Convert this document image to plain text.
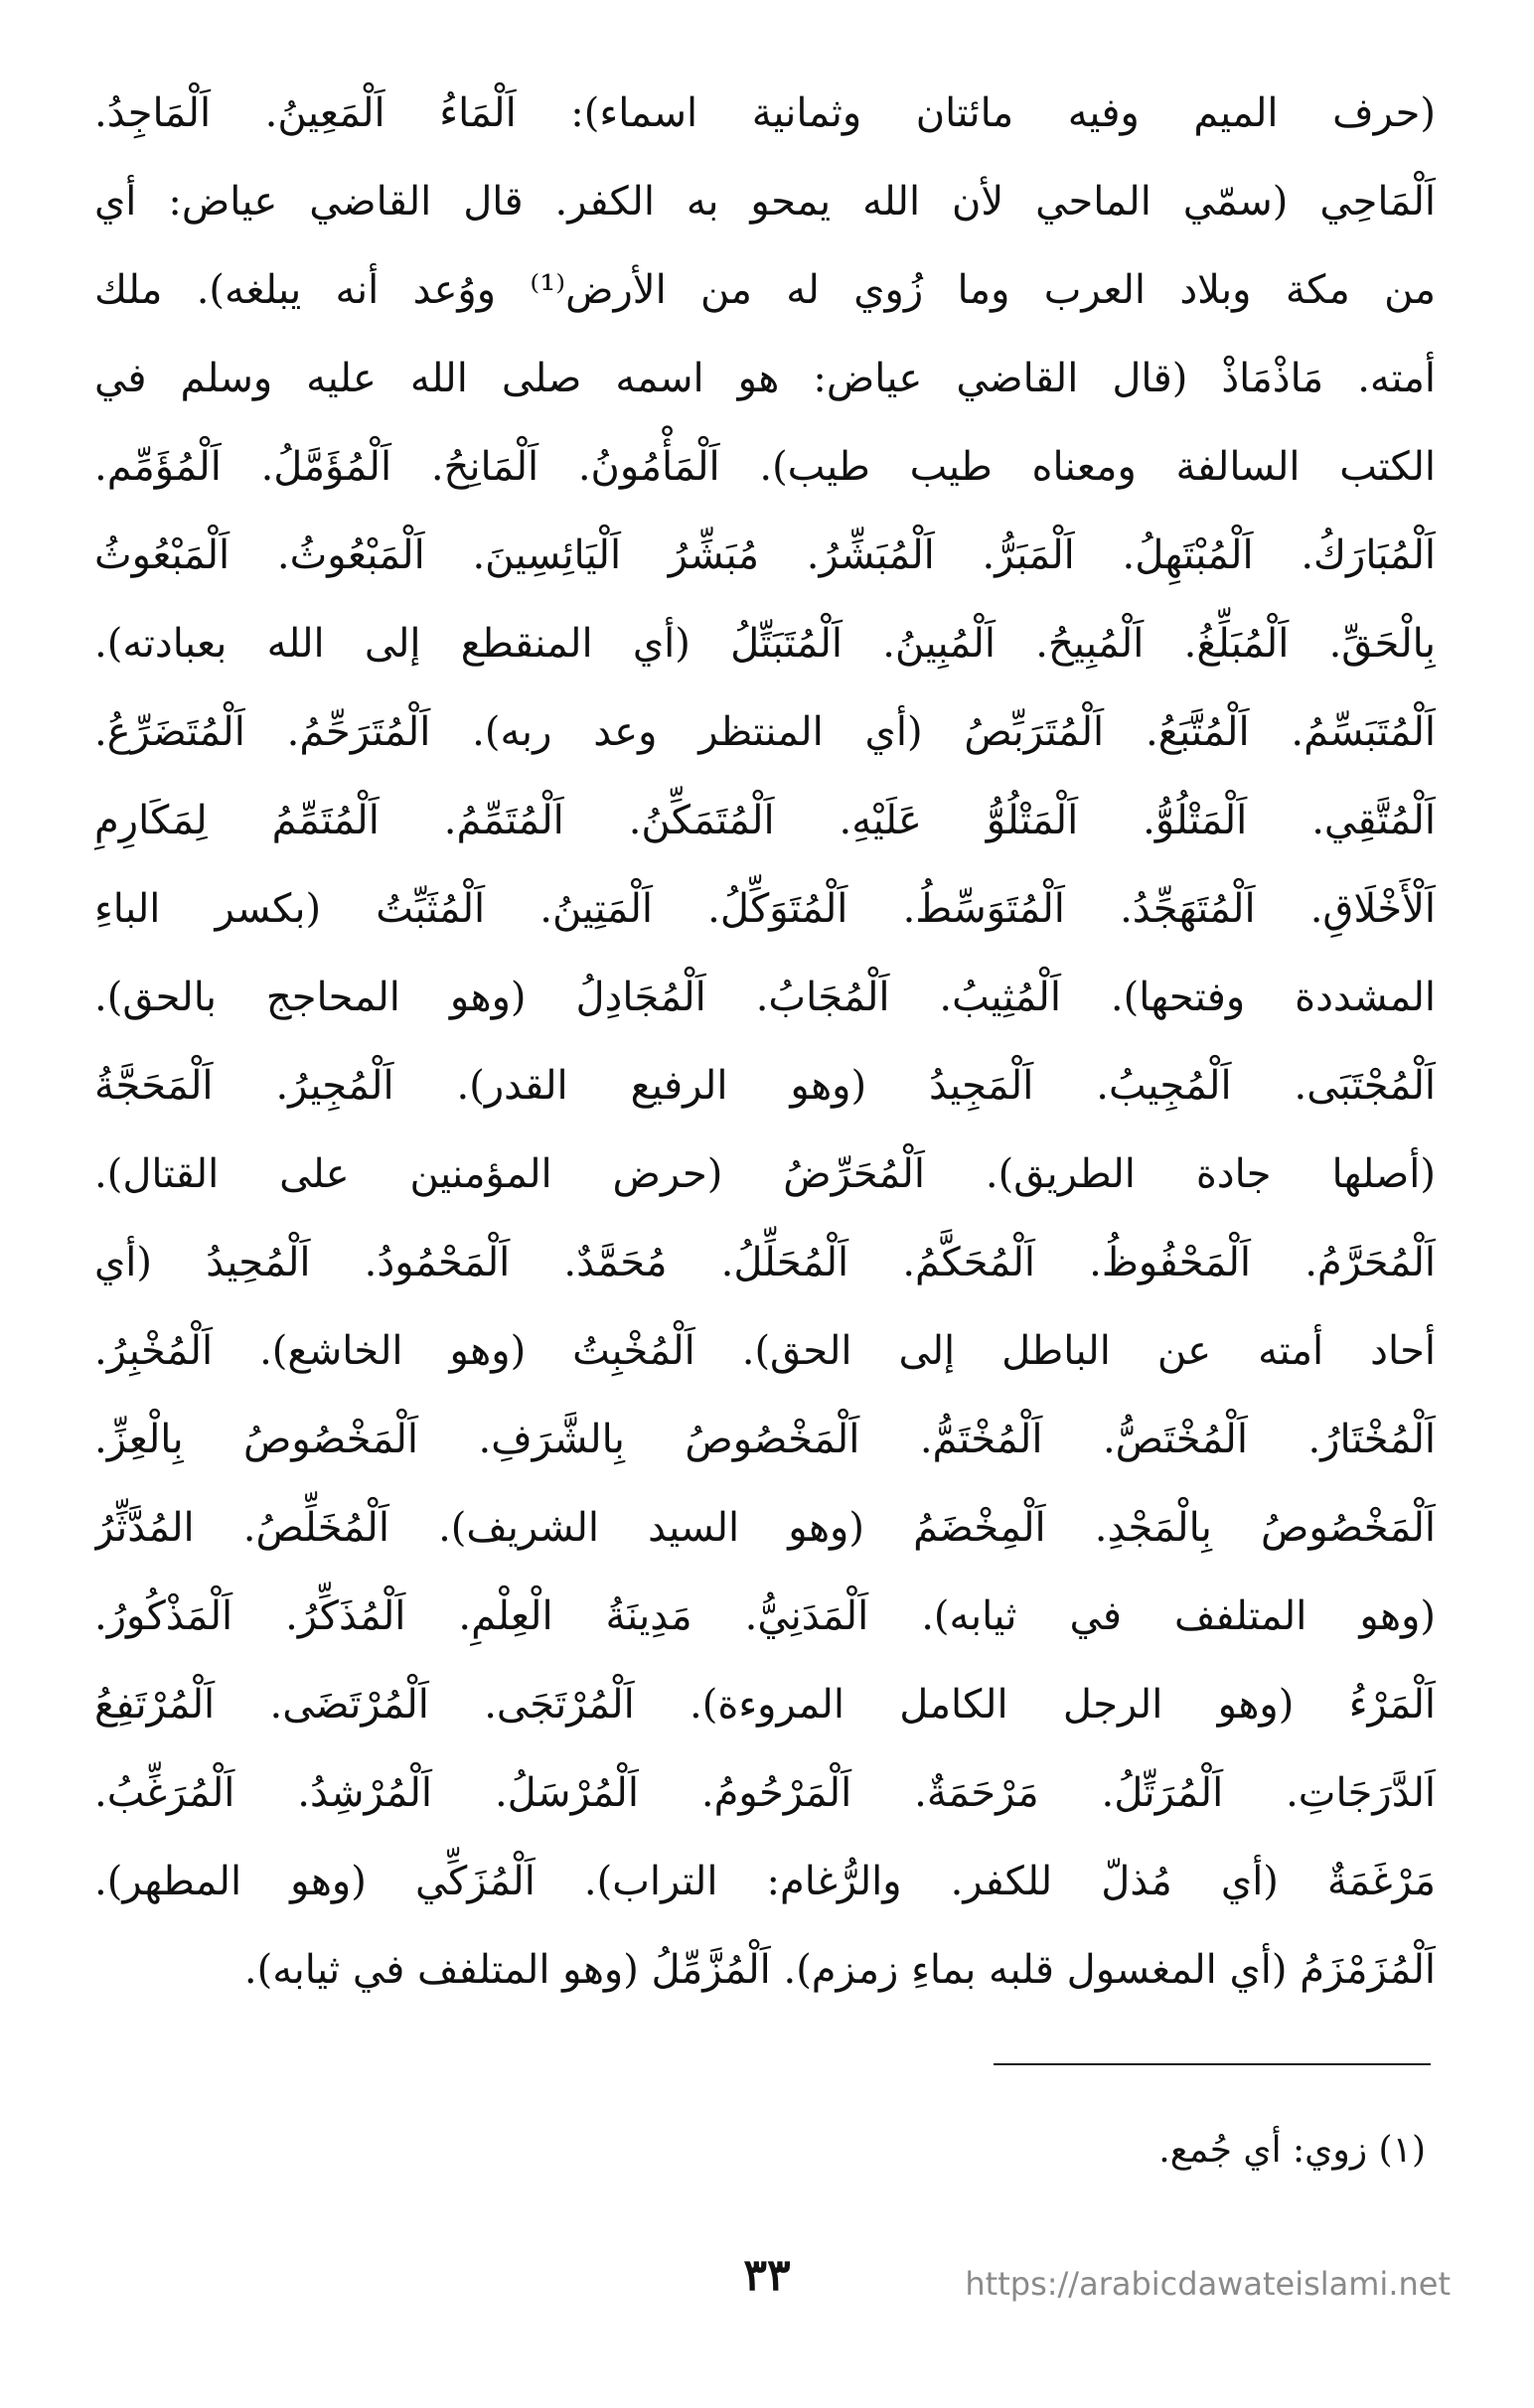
(حرف الميم وفيه مائتان وثمانية اسماء): اَلْمَاءُ اَلْمَعِينُ. اَلْمَاجِدُ.
اَلْمَاحِي (سمّي الماحي لأن الله يمحو به الكفر. قال القاضي عياض: أي
من مكة وبلاد العرب وما زُوي له من الأرض⁽¹⁾ ووُعد أنه يبلغه). ملك
أمته. مَاذْمَاذْ (قال القاضي عياض: هو اسمه صلى الله عليه وسلم في
الكتب السالفة ومعناه طيب طيب). اَلْمَأْمُونُ. اَلْمَانِحُ. اَلْمُؤَمَّلُ. اَلْمُؤَمِّم.
اَلْمُبَارَكُ. اَلْمُبْتَهِلُ. اَلْمَبَرُّ. اَلْمُبَشِّرُ. مُبَشِّرُ اَلْيَائِسِينَ. اَلْمَبْعُوثُ. اَلْمَبْعُوثُ
بِالْحَقِّ. اَلْمُبَلِّغُ. اَلْمُبِيحُ. اَلْمُبِينُ. اَلْمُتَبَتِّلُ (أي المنقطع إلى الله بعبادته).
اَلْمُتَبَسِّمُ. اَلْمُتَّبَعُ. اَلْمُتَرَبِّصُ (أي المنتظر وعد ربه). اَلْمُتَرَحِّمُ. اَلْمُتَضَرِّعُ.
اَلْمُتَّقِي. اَلْمَتْلُوُّ. اَلْمَتْلُوُّ عَلَيْهِ. اَلْمُتَمَكِّنُ. اَلْمُتَمِّمُ. اَلْمُتَمِّمُ لِمَكَارِمِ
اَلْأَخْلَاقِ. اَلْمُتَهَجِّدُ. اَلْمُتَوَسِّطُ. اَلْمُتَوَكِّلُ. اَلْمَتِينُ. اَلْمُثَبِّتُ (بكسر الباءِ
المشددة وفتحها). اَلْمُثِيبُ. اَلْمُجَابُ. اَلْمُجَادِلُ (وهو المحاجج بالحق).
اَلْمُجْتَبَى. اَلْمُجِيبُ. اَلْمَجِيدُ (وهو الرفيع القدر). اَلْمُجِيرُ. اَلْمَحَجَّةُ
(أصلها جادة الطريق). اَلْمُحَرِّضُ (حرض المؤمنين على القتال).
اَلْمُحَرَّمُ. اَلْمَحْفُوظُ. اَلْمُحَكَّمُ. اَلْمُحَلِّلُ. مُحَمَّدٌ. اَلْمَحْمُودُ. اَلْمُحِيدُ (أي
أحاد أمته عن الباطل إلى الحق). اَلْمُخْبِتُ (وهو الخاشع). اَلْمُخْبِرُ.
اَلْمُخْتَارُ. اَلْمُخْتَصُّ. اَلْمُخْتَمُّ. اَلْمَخْصُوصُ بِالشَّرَفِ. اَلْمَخْصُوصُ بِالْعِزِّ.
اَلْمَخْصُوصُ بِالْمَجْدِ. اَلْمِخْضَمُ (وهو السيد الشريف). اَلْمُخَلِّصُ. المُدَّثِّرُ
(وهو المتلفف في ثيابه). اَلْمَدَنِيُّ. مَدِينَةُ الْعِلْمِ. اَلْمُذَكِّرُ. اَلْمَذْكُورُ.
اَلْمَرْءُ (وهو الرجل الكامل المروءة). اَلْمُرْتَجَى. اَلْمُرْتَضَى. اَلْمُرْتَفِعُ
اَلدَّرَجَاتِ. اَلْمُرَتِّلُ. مَرْحَمَةٌ. اَلْمَرْحُومُ. اَلْمُرْسَلُ. اَلْمُرْشِدُ. اَلْمُرَغِّبُ.
مَرْغَمَةٌ (أي مُذلّ للكفر. والرُّغام: التراب). اَلْمُزَكِّي (وهو المطهر).
اَلْمُزَمْزَمُ (أي المغسول قلبه بماءِ زمزم). اَلْمُزَّمِّلُ (وهو المتلفف في ثيابه).
(١) زوي: أي جُمع.
٣٣	https://arabicdawateislami.net
